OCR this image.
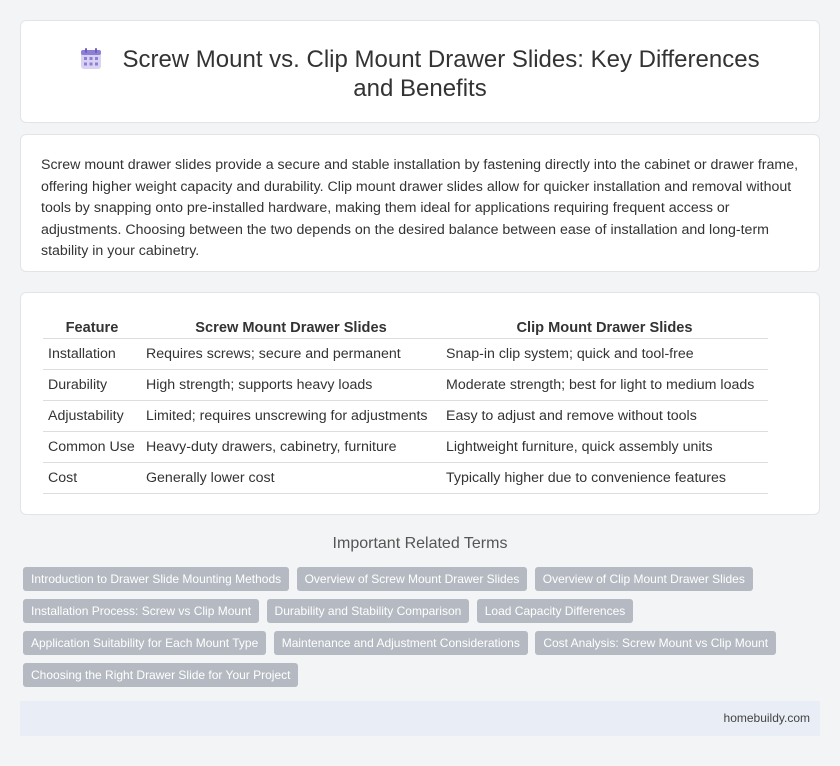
Screw Mount vs. Clip Mount Drawer Slides: Key Differences and Benefits

Screw mount drawer slides provide a secure and stable installation by fastening directly into the cabinet or drawer frame, offering higher weight capacity and durability. Clip mount drawer slides allow for quicker installation and removal without tools by snapping onto pre-installed hardware, making them ideal for applications requiring frequent access or adjustments. Choosing between the two depends on the desired balance between ease of installation and long-term stability in your cabinetry.

Feature	Screw Mount Drawer Slides	Clip Mount Drawer Slides
Installation	Requires screws; secure and permanent	Snap-in clip system; quick and tool-free
Durability	High strength; supports heavy loads	Moderate strength; best for light to medium loads
Adjustability	Limited; requires unscrewing for adjustments	Easy to adjust and remove without tools
Common Use	Heavy-duty drawers, cabinetry, furniture	Lightweight furniture, quick assembly units
Cost	Generally lower cost	Typically higher due to convenience features
Important Related Terms
Introduction to Drawer Slide Mounting Methods Overview of Screw Mount Drawer Slides Overview of Clip Mount Drawer Slides Installation Process: Screw vs Clip Mount Durability and Stability Comparison Load Capacity Differences Application Suitability for Each Mount Type Maintenance and Adjustment Considerations Cost Analysis: Screw Mount vs Clip Mount Choosing the Right Drawer Slide for Your Project
homebuildy.com
